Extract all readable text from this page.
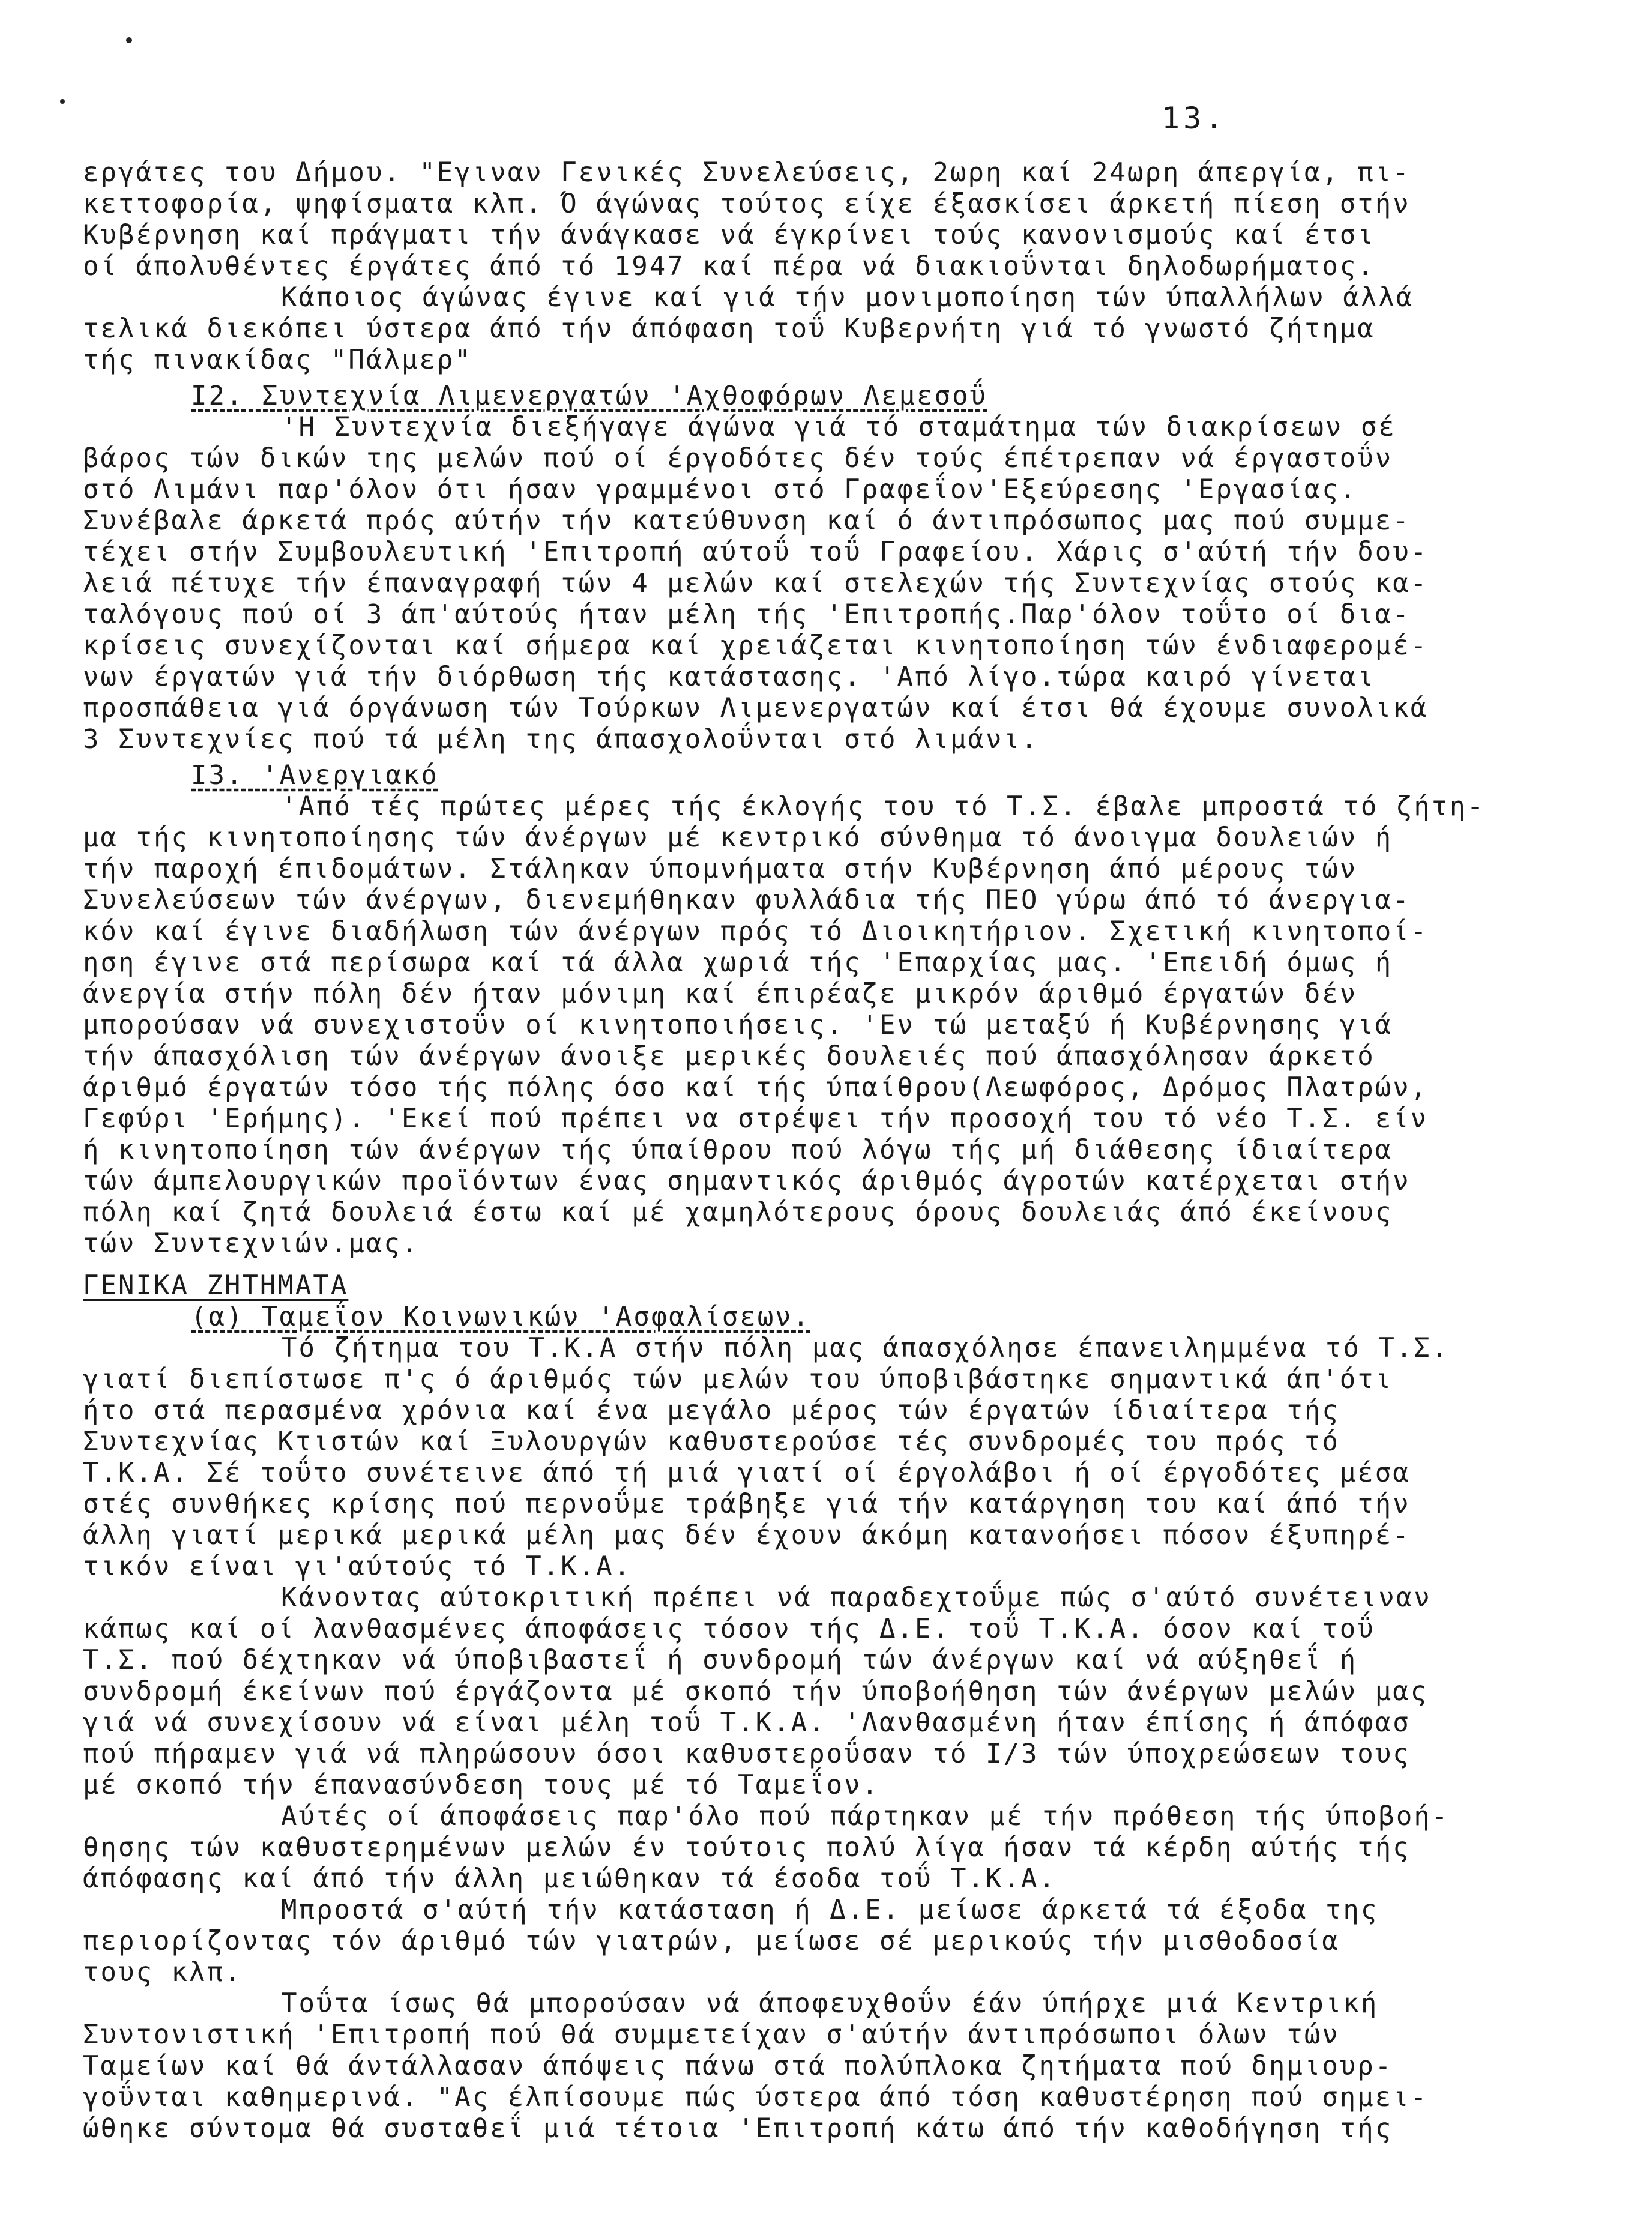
13.

εργάτες του Δήμου. "Εγιναν Γενικές Συνελεύσεις, 2ωρη καί 24ωρη άπεργία, πι-

κεττοφορία, ψηφίσματα κλπ. Ό άγώνας τούτος είχε έξασκίσει άρκετή πίεση στήν

Κυβέρνηση καί πράγματι τήν άνάγκασε νά έγκρίνει τούς κανονισμούς καί έτσι

οί άπολυθέντες έργάτες άπό τό 1947 καί πέρα νά διακιοΰνται δηλοδωρήματος.

Κάποιος άγώνας έγινε καί γιά τήν μονιμοποίηση τών ύπαλλήλων άλλά

τελικά διεκόπει ύστερα άπό τήν άπόφαση τοΰ Κυβερνήτη γιά τό γνωστό ζήτημα

τής πινακίδας "Πάλμερ"

I2. Συντεχνία Λιμενεργατών 'Αχθοφόρων Λεμεσοΰ

'Η Συντεχνία διεξήγαγε άγώνα γιά τό σταμάτημα τών διακρίσεων σέ

βάρος τών δικών της μελών πού οί έργοδότες δέν τούς έπέτρεπαν νά έργαστοΰν

στό Λιμάνι παρ'όλον ότι ήσαν γραμμένοι στό Γραφεΐον'Εξεύρεσης 'Εργασίας.

Συνέβαλε άρκετά πρός αύτήν τήν κατεύθυνση καί ό άντιπρόσωπος μας πού συμμε-

τέχει στήν Συμβουλευτική 'Επιτροπή αύτοΰ τοΰ Γραφείου. Χάρις σ'αύτή τήν δου-

λειά πέτυχε τήν έπαναγραφή τών 4 μελών καί στελεχών τής Συντεχνίας στούς κα-

ταλόγους πού οί 3 άπ'αύτούς ήταν μέλη τής 'Επιτροπής.Παρ'όλον τοΰτο οί δια-

κρίσεις συνεχίζονται καί σήμερα καί χρειάζεται κινητοποίηση τών ένδιαφερομέ-

νων έργατών γιά τήν διόρθωση τής κατάστασης. 'Από λίγο.τώρα καιρό γίνεται

προσπάθεια γιά όργάνωση τών Τούρκων Λιμενεργατών καί έτσι θά έχουμε συνολικά

3 Συντεχνίες πού τά μέλη της άπασχολοΰνται στό λιμάνι.

I3. 'Ανεργιακό

'Από τές πρώτες μέρες τής έκλογής του τό Τ.Σ. έβαλε μπροστά τό ζήτη-

μα τής κινητοποίησης τών άνέργων μέ κεντρικό σύνθημα τό άνοιγμα δουλειών ή

τήν παροχή έπιδομάτων. Στάληκαν ύπομνήματα στήν Κυβέρνηση άπό μέρους τών

Συνελεύσεων τών άνέργων, διενεμήθηκαν φυλλάδια τής ΠΕΟ γύρω άπό τό άνεργια-

κόν καί έγινε διαδήλωση τών άνέργων πρός τό Διοικητήριον. Σχετική κινητοποί-

ηση έγινε στά περίσωρα καί τά άλλα χωριά τής 'Επαρχίας μας. 'Επειδή όμως ή

άνεργία στήν πόλη δέν ήταν μόνιμη καί έπιρέαζε μικρόν άριθμό έργατών δέν

μπορούσαν νά συνεχιστοΰν οί κινητοποιήσεις. 'Εν τώ μεταξύ ή Κυβέρνησης γιά

τήν άπασχόλιση τών άνέργων άνοιξε μερικές δουλειές πού άπασχόλησαν άρκετό

άριθμό έργατών τόσο τής πόλης όσο καί τής ύπαίθρου(Λεωφόρος, Δρόμος Πλατρών,

Γεφύρι 'Ερήμης). 'Εκεί πού πρέπει να στρέψει τήν προσοχή του τό νέο Τ.Σ. είν

ή κινητοποίηση τών άνέργων τής ύπαίθρου πού λόγω τής μή διάθεσης ίδιαίτερα

τών άμπελουργικών προϊόντων ένας σημαντικός άριθμός άγροτών κατέρχεται στήν

πόλη καί ζητά δουλειά έστω καί μέ χαμηλότερους όρους δουλειάς άπό έκείνους

τών Συντεχνιών.μας.

ΓΕΝΙΚΑ ΖΗΤΗΜΑΤΑ

(α) Ταμεΐον Κοινωνικών 'Ασφαλίσεων.

Τό ζήτημα του Τ.Κ.Α στήν πόλη μας άπασχόλησε έπανειλημμένα τό Τ.Σ.

γιατί διεπίστωσε π'ς ό άριθμός τών μελών του ύποβιβάστηκε σημαντικά άπ'ότι

ήτο στά περασμένα χρόνια καί ένα μεγάλο μέρος τών έργατών ίδιαίτερα τής

Συντεχνίας Κτιστών καί Ξυλουργών καθυστερούσε τές συνδρομές του πρός τό

Τ.Κ.Α. Σέ τοΰτο συνέτεινε άπό τή μιά γιατί οί έργολάβοι ή οί έργοδότες μέσα

στές συνθήκες κρίσης πού περνοΰμε τράβηξε γιά τήν κατάργηση του καί άπό τήν

άλλη γιατί μερικά μερικά μέλη μας δέν έχουν άκόμη κατανοήσει πόσον έξυπηρέ-

τικόν είναι γι'αύτούς τό Τ.Κ.Α.

Κάνοντας αύτοκριτική πρέπει νά παραδεχτοΰμε πώς σ'αύτό συνέτειναν

κάπως καί οί λανθασμένες άποφάσεις τόσον τής Δ.Ε. τοΰ Τ.Κ.Α. όσον καί τοΰ

Τ.Σ. πού δέχτηκαν νά ύποβιβαστεΐ ή συνδρομή τών άνέργων καί νά αύξηθεΐ ή

συνδρομή έκείνων πού έργάζοντα μέ σκοπό τήν ύποβοήθηση τών άνέργων μελών μας

γιά νά συνεχίσουν νά είναι μέλη τοΰ Τ.Κ.Α. 'Λανθασμένη ήταν έπίσης ή άπόφασ

πού πήραμεν γιά νά πληρώσουν όσοι καθυστεροΰσαν τό I/3 τών ύποχρεώσεων τους

μέ σκοπό τήν έπανασύνδεση τους μέ τό Ταμεΐον.

Αύτές οί άποφάσεις παρ'όλο πού πάρτηκαν μέ τήν πρόθεση τής ύποβοή-

θησης τών καθυστερημένων μελών έν τούτοις πολύ λίγα ήσαν τά κέρδη αύτής τής

άπόφασης καί άπό τήν άλλη μειώθηκαν τά έσοδα τοΰ Τ.Κ.Α.

Μπροστά σ'αύτή τήν κατάσταση ή Δ.Ε. μείωσε άρκετά τά έξοδα της

περιορίζοντας τόν άριθμό τών γιατρών, μείωσε σέ μερικούς τήν μισθοδοσία

τους κλπ.

Τοΰτα ίσως θά μπορούσαν νά άποφευχθοΰν έάν ύπήρχε μιά Κεντρική

Συντονιστική 'Επιτροπή πού θά συμμετείχαν σ'αύτήν άντιπρόσωποι όλων τών

Ταμείων καί θά άντάλλασαν άπόψεις πάνω στά πολύπλοκα ζητήματα πού δημιουρ-

γοΰνται καθημερινά. "Ας έλπίσουμε πώς ύστερα άπό τόση καθυστέρηση πού σημει-

ώθηκε σύντομα θά συσταθεΐ μιά τέτοια 'Επιτροπή κάτω άπό τήν καθοδήγηση τής
